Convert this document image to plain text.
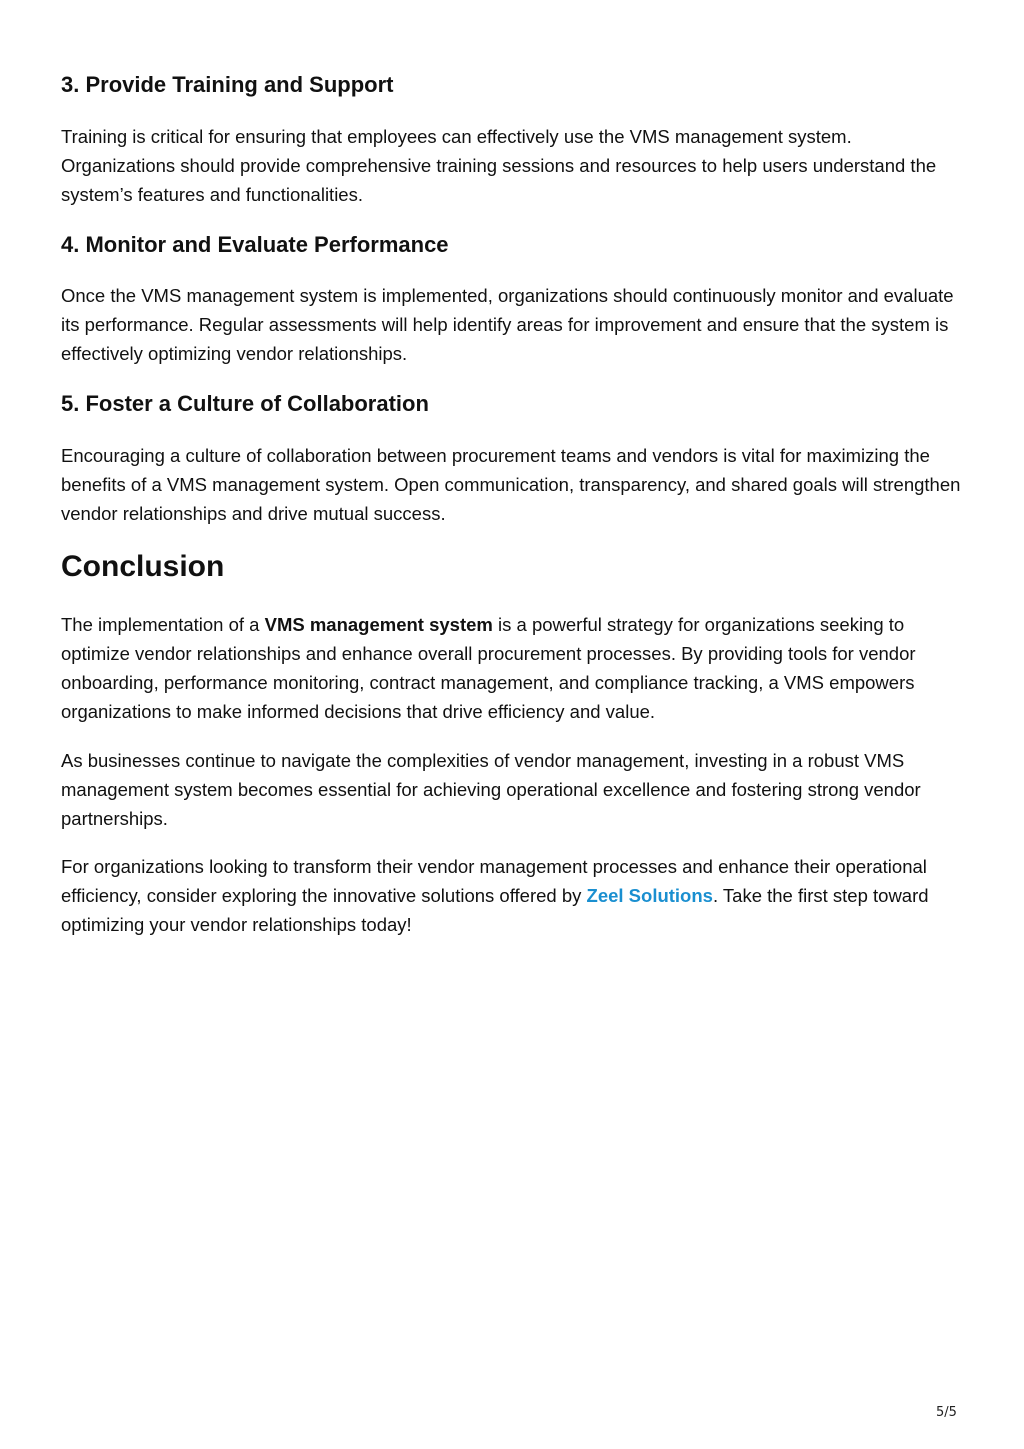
3. Provide Training and Support

Training is critical for ensuring that employees can effectively use the VMS management system. Organizations should provide comprehensive training sessions and resources to help users understand the system’s features and functionalities.

4. Monitor and Evaluate Performance

Once the VMS management system is implemented, organizations should continuously monitor and evaluate its performance. Regular assessments will help identify areas for improvement and ensure that the system is effectively optimizing vendor relationships.

5. Foster a Culture of Collaboration

Encouraging a culture of collaboration between procurement teams and vendors is vital for maximizing the benefits of a VMS management system. Open communication, transparency, and shared goals will strengthen vendor relationships and drive mutual success.

Conclusion

The implementation of a VMS management system is a powerful strategy for organizations seeking to optimize vendor relationships and enhance overall procurement processes. By providing tools for vendor onboarding, performance monitoring, contract management, and compliance tracking, a VMS empowers organizations to make informed decisions that drive efficiency and value.

As businesses continue to navigate the complexities of vendor management, investing in a robust VMS management system becomes essential for achieving operational excellence and fostering strong vendor partnerships.

For organizations looking to transform their vendor management processes and enhance their operational efficiency, consider exploring the innovative solutions offered by Zeel Solutions. Take the first step toward optimizing your vendor relationships today!

5/5
